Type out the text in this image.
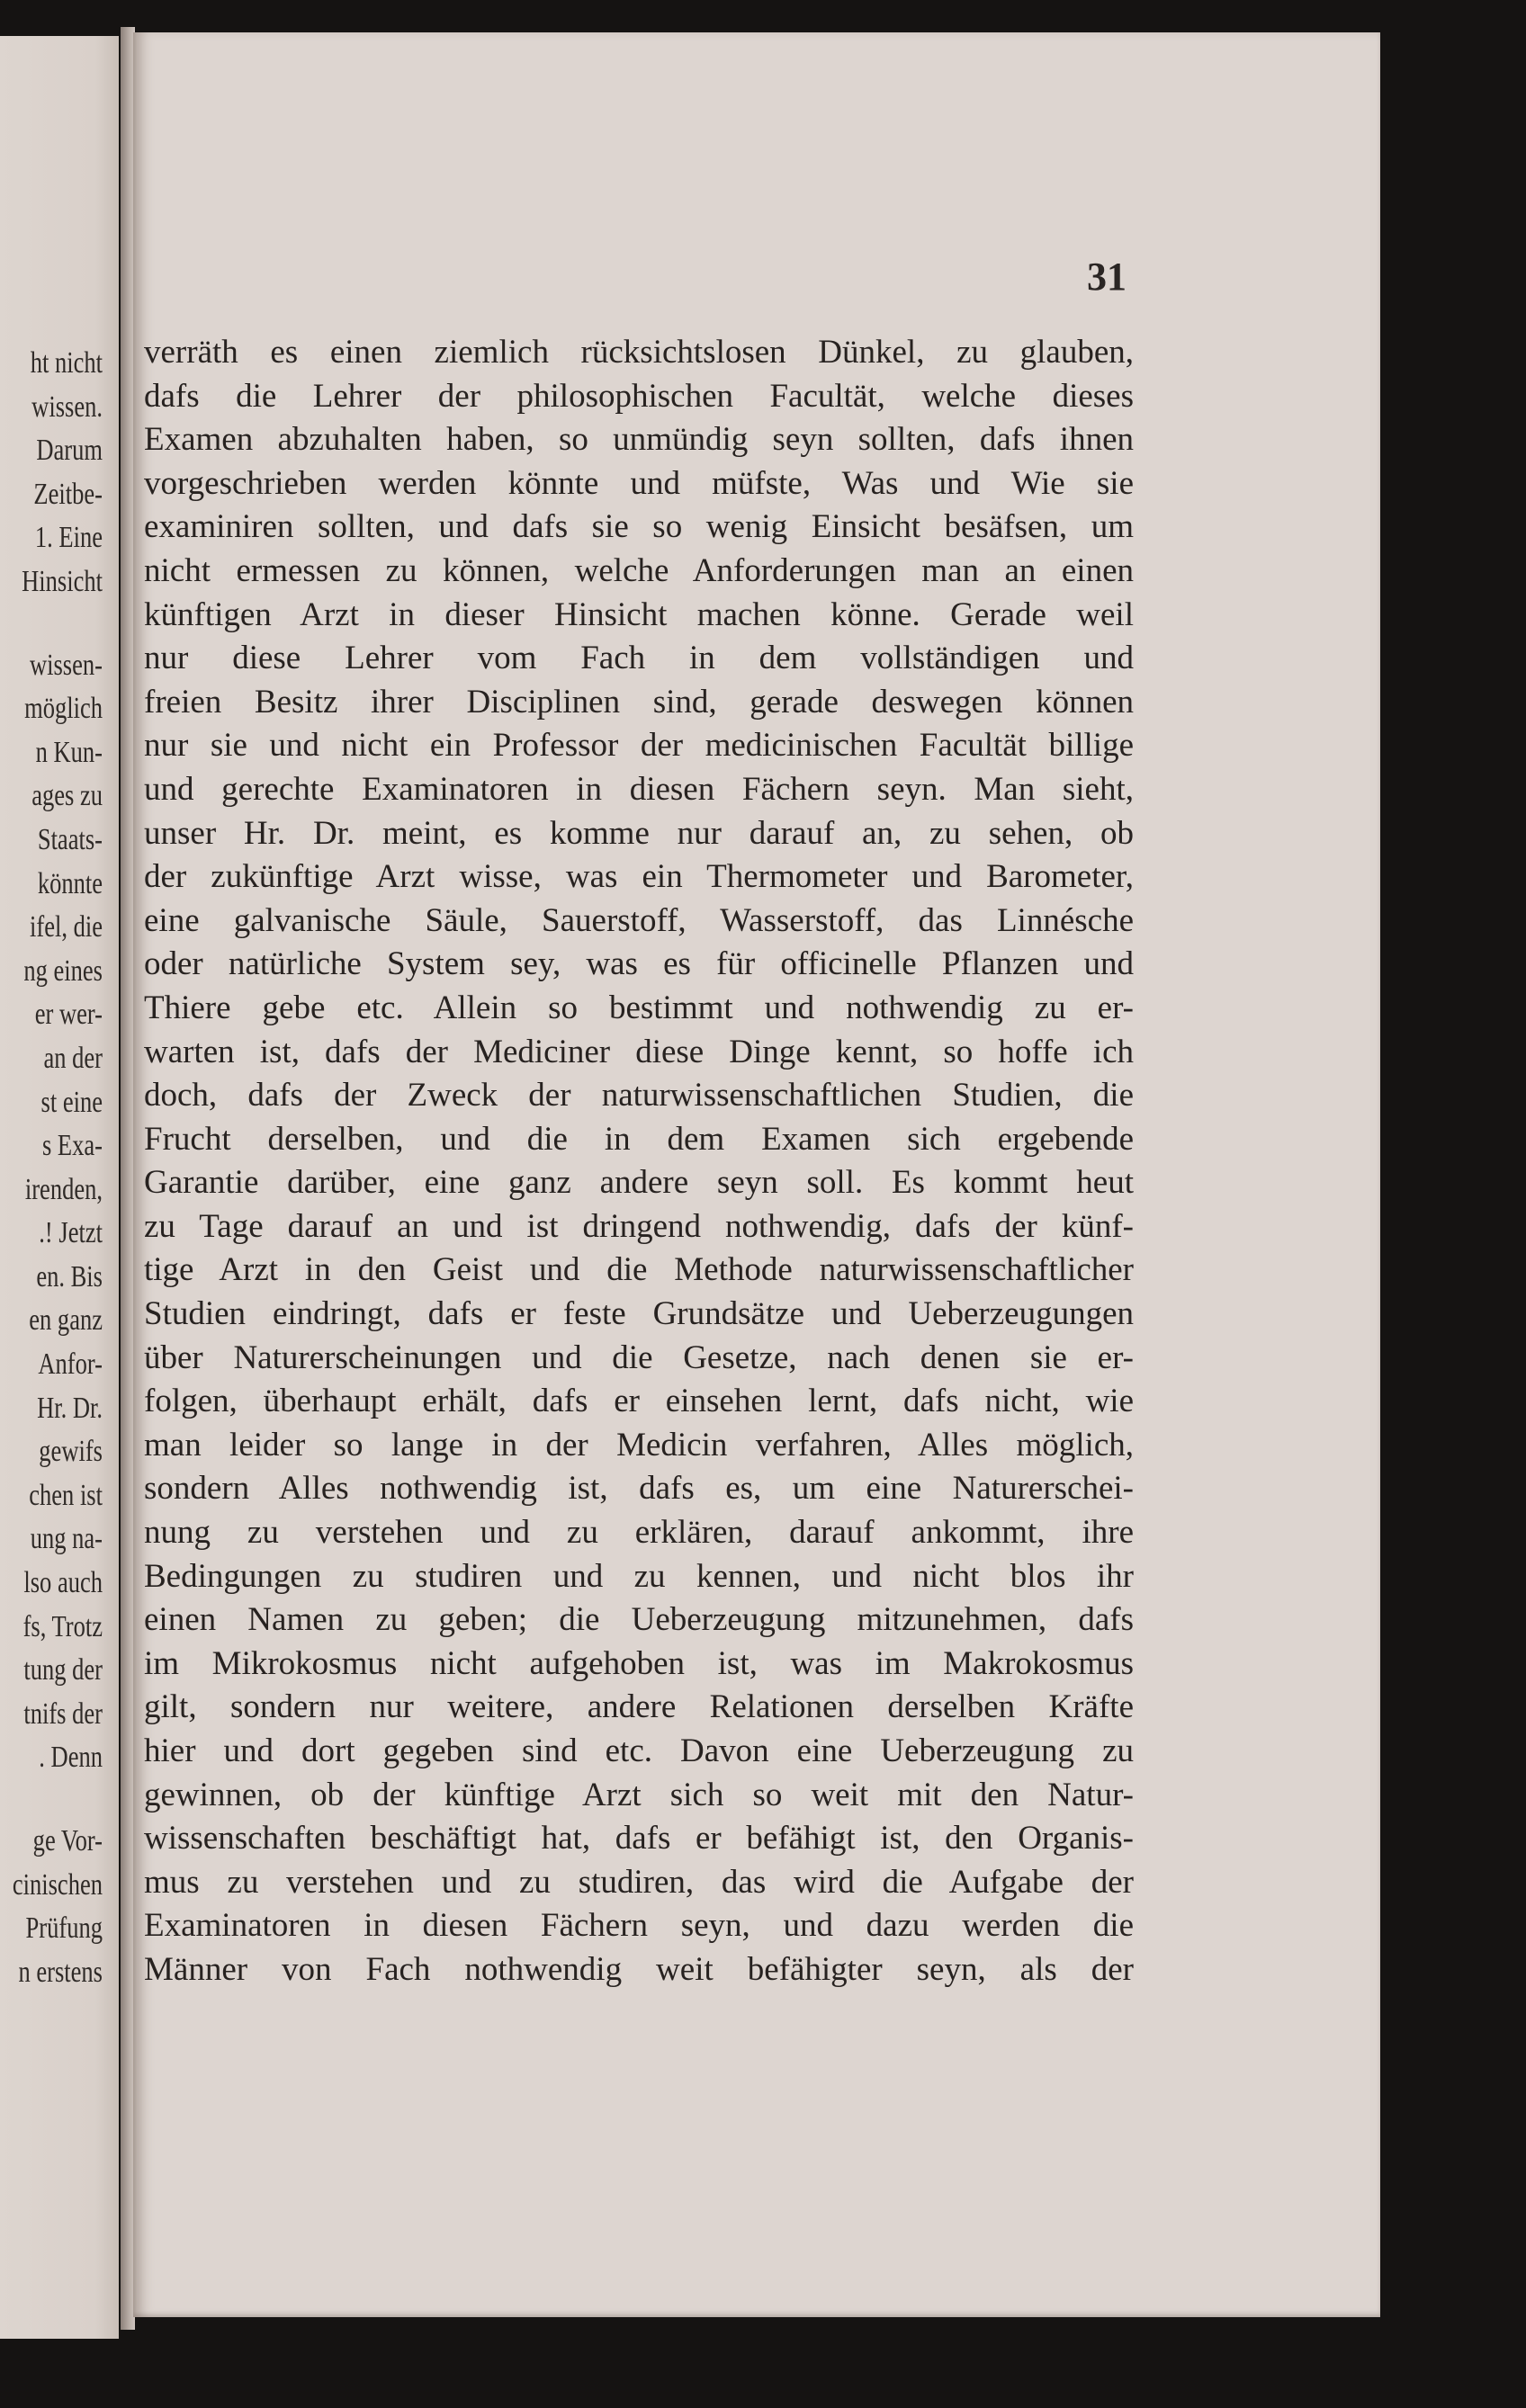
ht nicht
wissen.
Darum
Zeitbe-
1. Eine
Hinsicht
wissen-
möglich
n Kun-
ages zu
Staats-
könnte
ifel, die
ng eines
er wer-
an der
st eine
s Exa-
irenden,
.! Jetzt
en. Bis
en ganz
Anfor-
Hr. Dr.
gewifs
chen ist
ung na-
lso auch
fs, Trotz
tung der
tnifs der
. Denn
ge Vor-
cinischen
Prüfung
n erstens
31
verräth es einen ziemlich rücksichtslosen Dünkel, zu glauben,
dafs die Lehrer der philosophischen Facultät, welche dieses
Examen abzuhalten haben, so unmündig seyn sollten, dafs ihnen
vorgeschrieben werden könnte und müfste, Was und Wie sie
examiniren sollten, und dafs sie so wenig Einsicht besäfsen, um
nicht ermessen zu können, welche Anforderungen man an einen
künftigen Arzt in dieser Hinsicht machen könne. Gerade weil
nur diese Lehrer vom Fach in dem vollständigen und
freien Besitz ihrer Disciplinen sind, gerade deswegen können
nur sie und nicht ein Professor der medicinischen Facultät billige
und gerechte Examinatoren in diesen Fächern seyn. Man sieht,
unser Hr. Dr. meint, es komme nur darauf an, zu sehen, ob
der zukünftige Arzt wisse, was ein Thermometer und Barometer,
eine galvanische Säule, Sauerstoff, Wasserstoff, das Linnésche
oder natürliche System sey, was es für officinelle Pflanzen und
Thiere gebe etc. Allein so bestimmt und nothwendig zu er-
warten ist, dafs der Mediciner diese Dinge kennt, so hoffe ich
doch, dafs der Zweck der naturwissenschaftlichen Studien, die
Frucht derselben, und die in dem Examen sich ergebende
Garantie darüber, eine ganz andere seyn soll. Es kommt heut
zu Tage darauf an und ist dringend nothwendig, dafs der künf-
tige Arzt in den Geist und die Methode naturwissenschaftlicher
Studien eindringt, dafs er feste Grundsätze und Ueberzeugungen
über Naturerscheinungen und die Gesetze, nach denen sie er-
folgen, überhaupt erhält, dafs er einsehen lernt, dafs nicht, wie
man leider so lange in der Medicin verfahren, Alles möglich,
sondern Alles nothwendig ist, dafs es, um eine Naturerschei-
nung zu verstehen und zu erklären, darauf ankommt, ihre
Bedingungen zu studiren und zu kennen, und nicht blos ihr
einen Namen zu geben; die Ueberzeugung mitzunehmen, dafs
im Mikrokosmus nicht aufgehoben ist, was im Makrokosmus
gilt, sondern nur weitere, andere Relationen derselben Kräfte
hier und dort gegeben sind etc. Davon eine Ueberzeugung zu
gewinnen, ob der künftige Arzt sich so weit mit den Natur-
wissenschaften beschäftigt hat, dafs er befähigt ist, den Organis-
mus zu verstehen und zu studiren, das wird die Aufgabe der
Examinatoren in diesen Fächern seyn, und dazu werden die
Männer von Fach nothwendig weit befähigter seyn, als der
